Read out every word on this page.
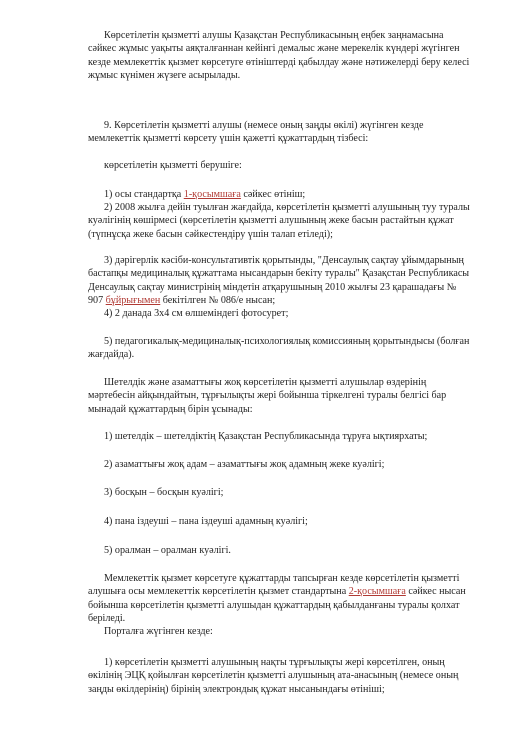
Көрсетілетін қызметті алушы Қазақстан Республикасының еңбек заңнамасына сәйкес жұмыс уақыты аяқталғаннан кейінгі демалыс және мерекелік күндері жүгінген кезде мемлекеттік қызмет көрсетуге өтініштерді қабылдау және нәтижелерді беру келесі жұмыс күнімен жүзеге асырылады.

9. Көрсетілетін қызметті алушы (немесе оның заңды өкілі) жүгінген кезде мемлекеттік қызметті көрсету үшін қажетті құжаттардың тізбесі:

көрсетілетін қызметті берушіге:

1) осы стандартқа 1-қосымшаға сәйкес өтініш;

2) 2008 жылға дейін туылған жағдайда, көрсетілетін қызметті алушының туу туралы куәлігінің көшірмесі (көрсетілетін қызметті алушының жеке басын растайтын құжат (түпнұсқа жеке басын сәйкестендіру үшін талап етіледі);

3) дәрігерлік кәсіби-консультативтік қорытынды, "Денсаулық сақтау ұйымдарының бастапқы медициналық құжаттама нысандарын бекіту туралы" Қазақстан Республикасы Денсаулық сақтау министрінің міндетін атқарушының 2010 жылғы 23 қарашадағы № 907 бұйрығымен бекітілген № 086/е нысан;

4) 2 данада 3х4 см өлшеміндегі фотосурет;

5) педагогикалық-медициналық-психологиялық комиссияның қорытындысы (болған жағдайда).

Шетелдік және азаматтығы жоқ көрсетілетін қызметті алушылар өздерінің мәртебесін айқындайтын, тұрғылықты жері бойынша тіркелгені туралы белгісі бар мынадай құжаттардың бірін ұсынады:

1) шетелдік – шетелдіктің Қазақстан Республикасында тұруға ықтиярхаты;

2) азаматтығы жоқ адам – азаматтығы жоқ адамның жеке куәлігі;

3) босқын – босқын куәлігі;

4) пана іздеуші – пана іздеуші адамның куәлігі;

5) оралман – оралман куәлігі.

Мемлекеттік қызмет көрсетуге құжаттарды тапсырған кезде көрсетілетін қызметті алушыға осы мемлекеттік көрсетілетін қызмет стандартына 2-қосымшаға сәйкес нысан бойынша көрсетілетін қызметті алушыдан құжаттардың қабылданғаны туралы қолхат беріледі.

Порталға жүгінген кезде:

1) көрсетілетін қызметті алушының нақты тұрғылықты жері көрсетілген, оның өкілінің ЭЦҚ қойылған көрсетілетін қызметті алушының ата-анасының (немесе оның заңды өкілдерінің) бірінің электрондық құжат нысанындағы өтініші;
